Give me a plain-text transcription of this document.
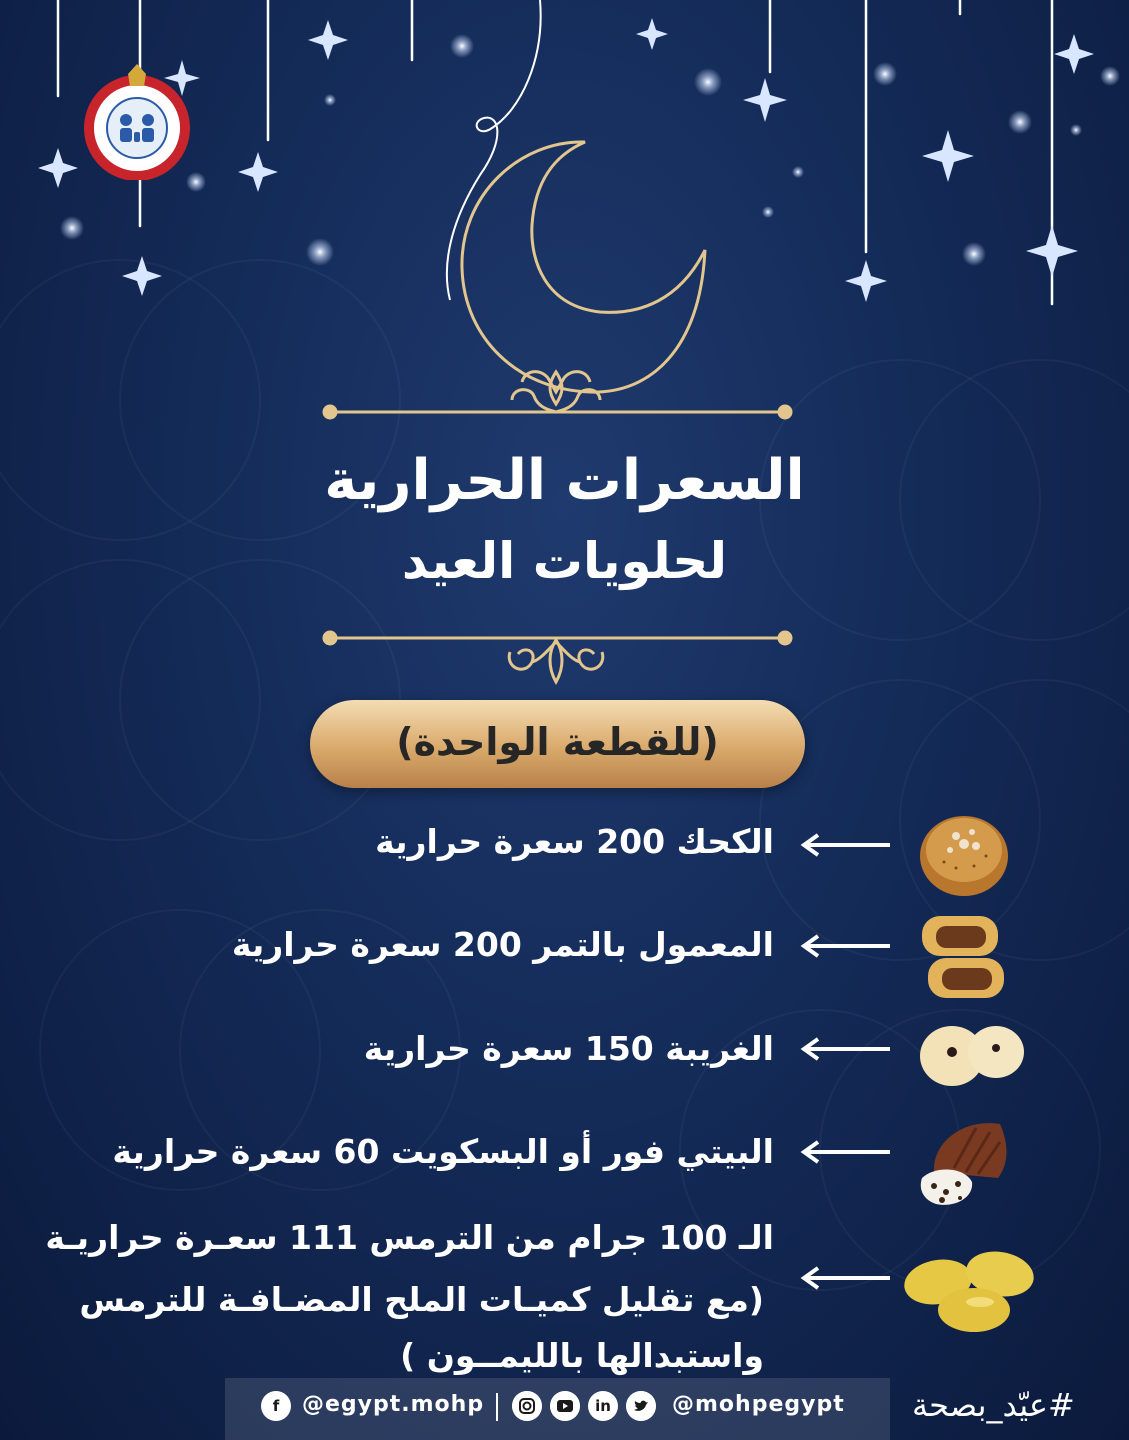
السعرات الحرارية
لحلويات العيد
(للقطعة الواحدة)
الكحك 200 سعرة حرارية
المعمول بالتمر 200 سعرة حرارية
الغريبة 150 سعرة حرارية
البيتي فور أو البسكويت 60 سعرة حرارية
الـ 100 جرام من الترمس 111 سعـرة حراريـة
(مع تقليل كميـات الملح المضـافـة للترمس
واستبدالها بالليمــون )
f	@egypt.mohp	in	@mohpegypt #عيّد_بصحة
